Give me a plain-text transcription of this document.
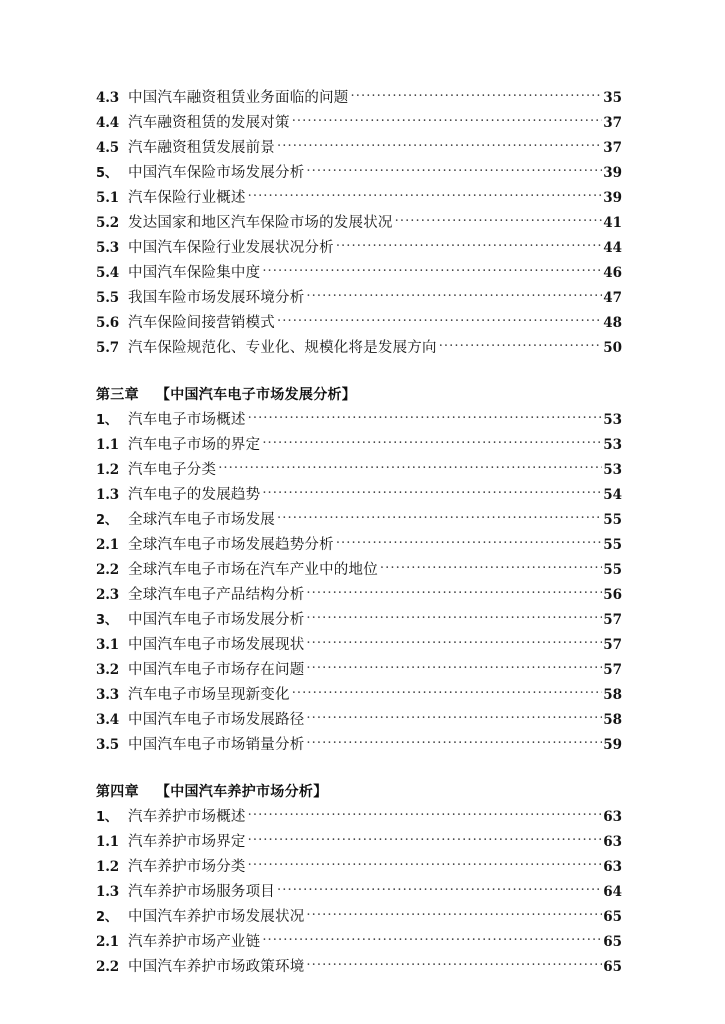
4.3 中国汽车融资租赁业务面临的问题 .....	35
4.4 汽车融资租赁的发展对策 .....	37
4.5 汽车融资租赁发展前景 .....	37
5、 中国汽车保险市场发展分析 .....	39
5.1 汽车保险行业概述 .....	39
5.2 发达国家和地区汽车保险市场的发展状况 .....	41
5.3 中国汽车保险行业发展状况分析 .....	44
5.4 中国汽车保险集中度 .....	46
5.5 我国车险市场发展环境分析 .....	47
5.6 汽车保险间接营销模式 .....	48
5.7 汽车保险规范化、专业化、规模化将是发展方向 .....	50
第三章 【中国汽车电子市场发展分析】
1、 汽车电子市场概述 .....	53
1.1 汽车电子市场的界定 .....	53
1.2 汽车电子分类 .....	53
1.3 汽车电子的发展趋势 .....	54
2、 全球汽车电子市场发展 .....	55
2.1 全球汽车电子市场发展趋势分析 .....	55
2.2 全球汽车电子市场在汽车产业中的地位 .....	55
2.3 全球汽车电子产品结构分析 .....	56
3、 中国汽车电子市场发展分析 .....	57
3.1 中国汽车电子市场发展现状 .....	57
3.2 中国汽车电子市场存在问题 .....	57
3.3 汽车电子市场呈现新变化 .....	58
3.4 中国汽车电子市场发展路径 .....	58
3.5 中国汽车电子市场销量分析 .....	59
第四章 【中国汽车养护市场分析】
1、 汽车养护市场概述 .....	63
1.1 汽车养护市场界定 .....	63
1.2 汽车养护市场分类 .....	63
1.3 汽车养护市场服务项目 .....	64
2、 中国汽车养护市场发展状况 .....	65
2.1 汽车养护市场产业链 .....	65
2.2 中国汽车养护市场政策环境 .....	65
